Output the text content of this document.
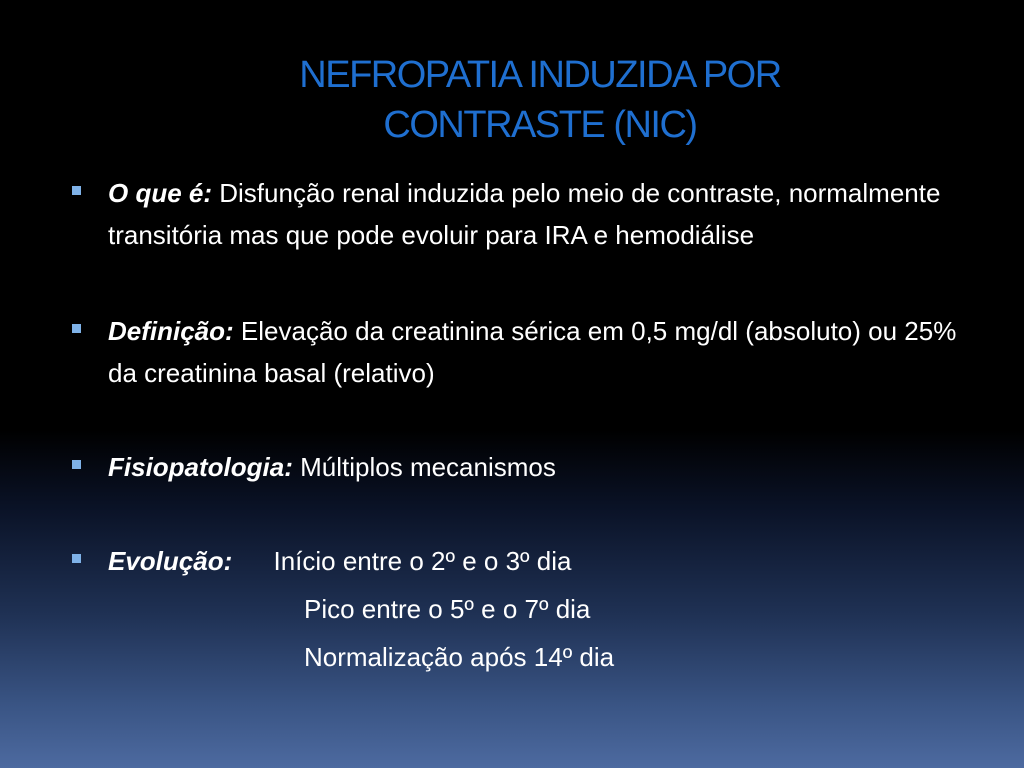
NEFROPATIA INDUZIDA POR
CONTRASTE (NIC)
O que é: Disfunção renal induzida pelo meio de contraste, normalmente transitória mas que pode evoluir para IRA e hemodiálise
Definição: Elevação da creatinina sérica em 0,5 mg/dl (absoluto) ou 25% da creatinina basal (relativo)
Fisiopatologia: Múltiplos mecanismos
Evolução: Início entre o 2º e o 3º dia
Pico entre o 5º e o 7º dia
Normalização após 14º dia
